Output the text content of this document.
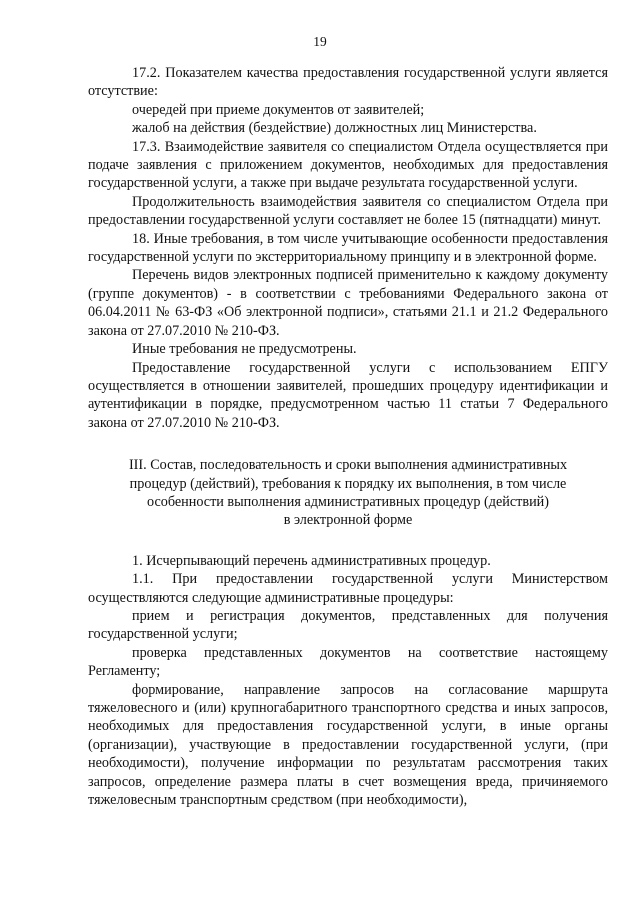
19

17.2. Показателем качества предоставления государственной услуги является отсутствие:

очередей при приеме документов от заявителей;

жалоб на действия (бездействие) должностных лиц Министерства.

17.3. Взаимодействие заявителя со специалистом Отдела осуществляется при подаче заявления с приложением документов, необходимых для предоставления государственной услуги, а также при выдаче результата государственной услуги.

Продолжительность взаимодействия заявителя со специалистом Отдела при предоставлении государственной услуги составляет не более 15 (пятнадцати) минут.

18. Иные требования, в том числе учитывающие особенности предоставления государственной услуги по экстерриториальному принципу и в электронной форме.

Перечень видов электронных подписей применительно к каждому документу (группе документов) - в соответствии с требованиями Федерального закона от 06.04.2011 № 63-ФЗ «Об электронной подписи», статьями 21.1 и 21.2 Федерального закона от 27.07.2010 № 210-ФЗ.

Иные требования не предусмотрены.

Предоставление государственной услуги с использованием ЕПГУ осуществляется в отношении заявителей, прошедших процедуру идентификации и аутентификации в порядке, предусмотренном частью 11 статьи 7 Федерального закона от 27.07.2010 № 210-ФЗ.

III. Состав, последовательность и сроки выполнения административных
процедур (действий), требования к порядку их выполнения, в том числе
особенности выполнения административных процедур (действий)
в электронной форме

1. Исчерпывающий перечень административных процедур.

1.1. При предоставлении государственной услуги Министерством осуществляются следующие административные процедуры:

прием и регистрация документов, представленных для получения государственной услуги;

проверка представленных документов на соответствие настоящему Регламенту;

формирование, направление запросов на согласование маршрута тяжеловесного и (или) крупногабаритного транспортного средства и иных запросов, необходимых для предоставления государственной услуги, в иные органы (организации), участвующие в предоставлении государственной услуги, (при необходимости), получение информации по результатам рассмотрения таких запросов, определение размера платы в счет возмещения вреда, причиняемого тяжеловесным транспортным средством (при необходимости),
